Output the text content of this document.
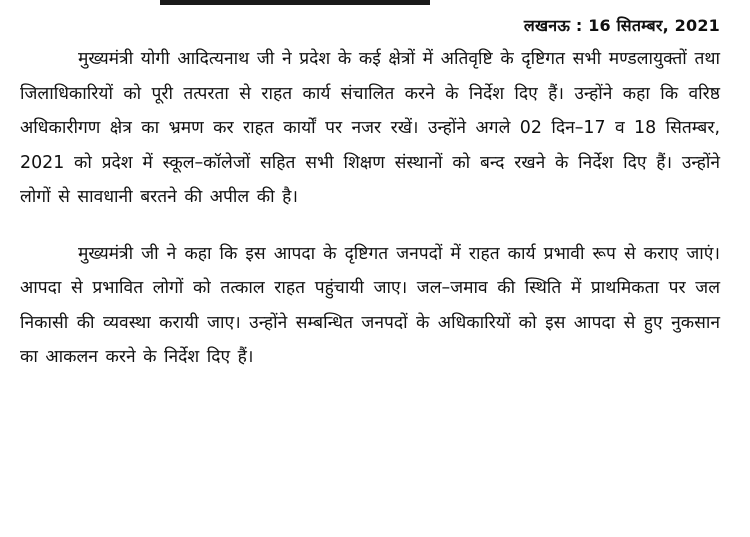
लखनऊ : 16 सितम्बर, 2021

मुख्यमंत्री योगी आदित्यनाथ जी ने प्रदेश के कई क्षेत्रों में अतिवृष्टि के दृष्टिगत सभी मण्डलायुक्तों तथा जिलाधिकारियों को पूरी तत्परता से राहत कार्य संचालित करने के निर्देश दिए हैं। उन्होंने कहा कि वरिष्ठ अधिकारीगण क्षेत्र का भ्रमण कर राहत कार्यों पर नजर रखें। उन्होंने अगले 02 दिन–17 व 18 सितम्बर, 2021 को प्रदेश में स्कूल–कॉलेजों सहित सभी शिक्षण संस्थानों को बन्द रखने के निर्देश दिए हैं। उन्होंने लोगों से सावधानी बरतने की अपील की है।

मुख्यमंत्री जी ने कहा कि इस आपदा के दृष्टिगत जनपदों में राहत कार्य प्रभावी रूप से कराए जाएं। आपदा से प्रभावित लोगों को तत्काल राहत पहुंचायी जाए। जल–जमाव की स्थिति में प्राथमिकता पर जल निकासी की व्यवस्था करायी जाए। उन्होंने सम्बन्धित जनपदों के अधिकारियों को इस आपदा से हुए नुकसान का आकलन करने के निर्देश दिए हैं।
